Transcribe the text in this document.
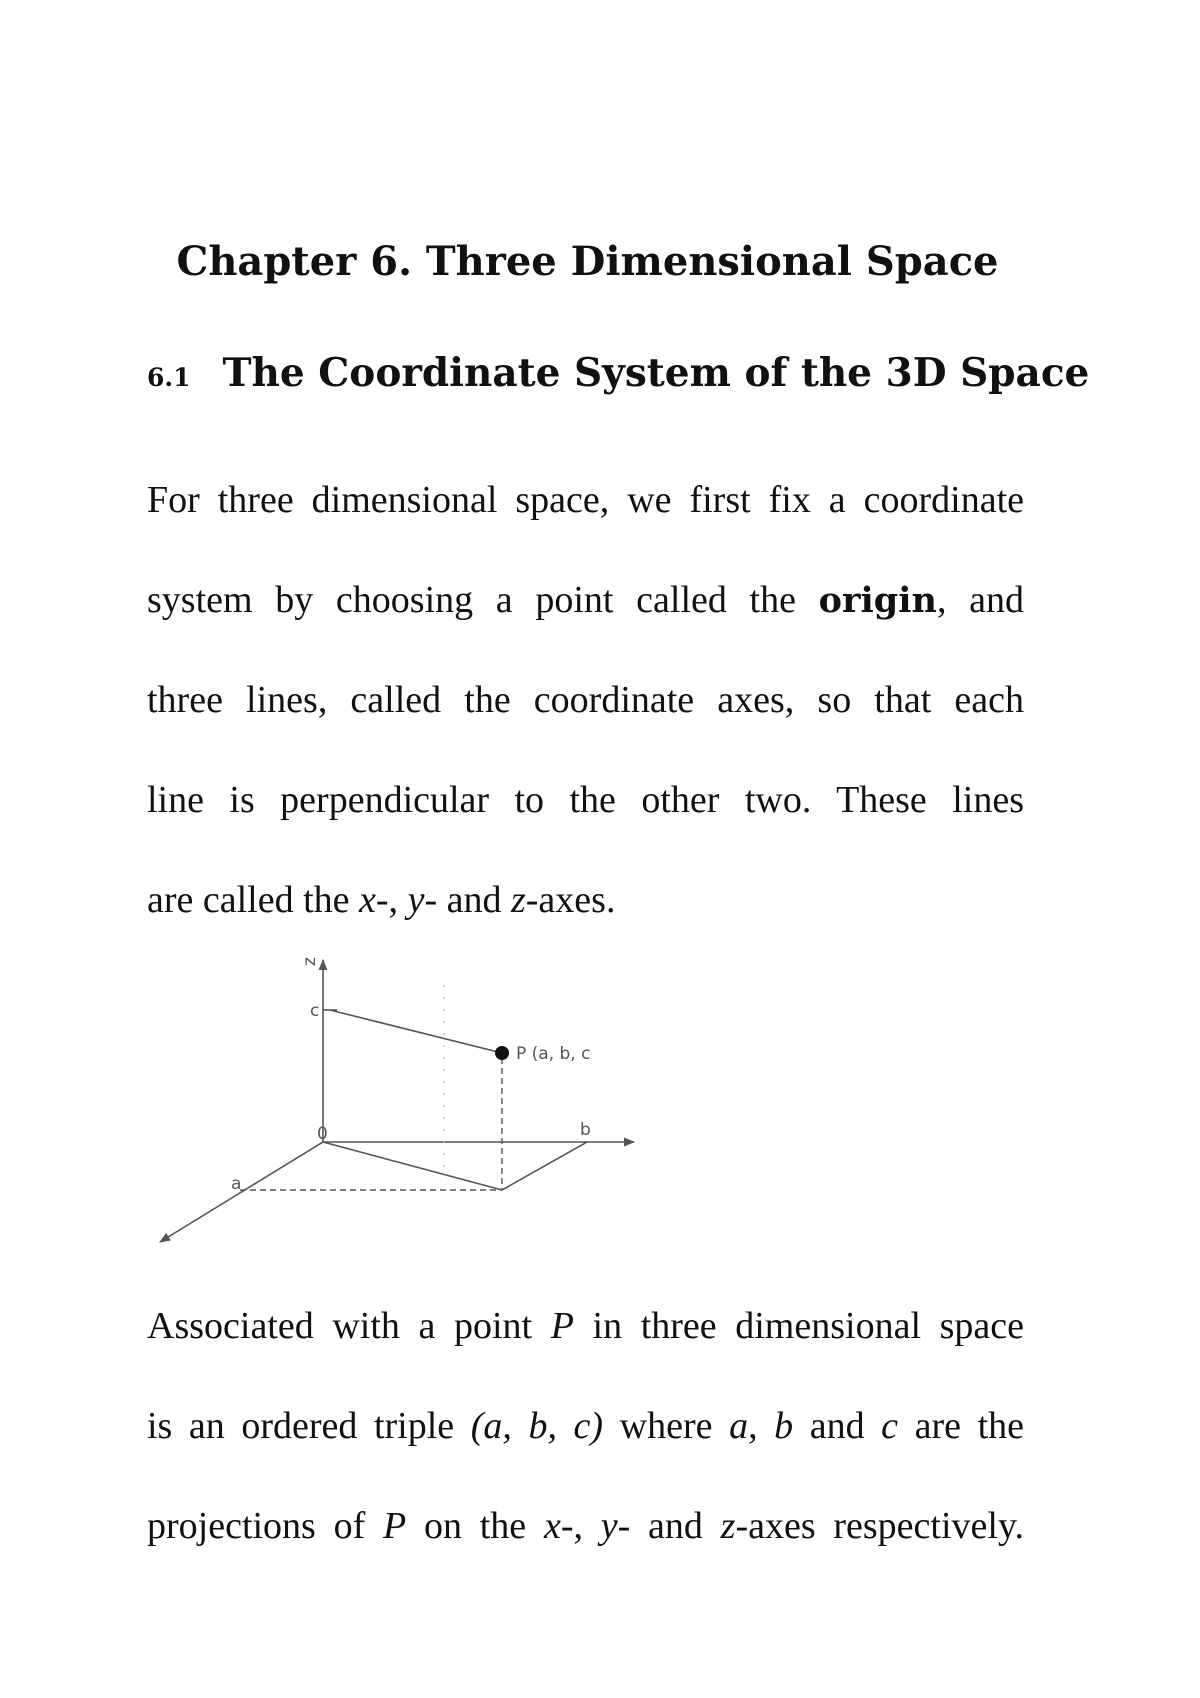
Chapter 6. Three Dimensional Space
6.1 The Coordinate System of the 3D Space

For three dimensional space, we first fix a coordinate

system by choosing a point called the origin, and

three lines, called the coordinate axes, so that each

line is perpendicular to the other two. These lines

are called the x-, y- and z-axes.

z
c
P (a, b, c
0	b
a

Associated with a point P in three dimensional space

is an ordered triple (a, b, c) where a, b and c are the

projections of P on the x-, y- and z-axes respectively.
